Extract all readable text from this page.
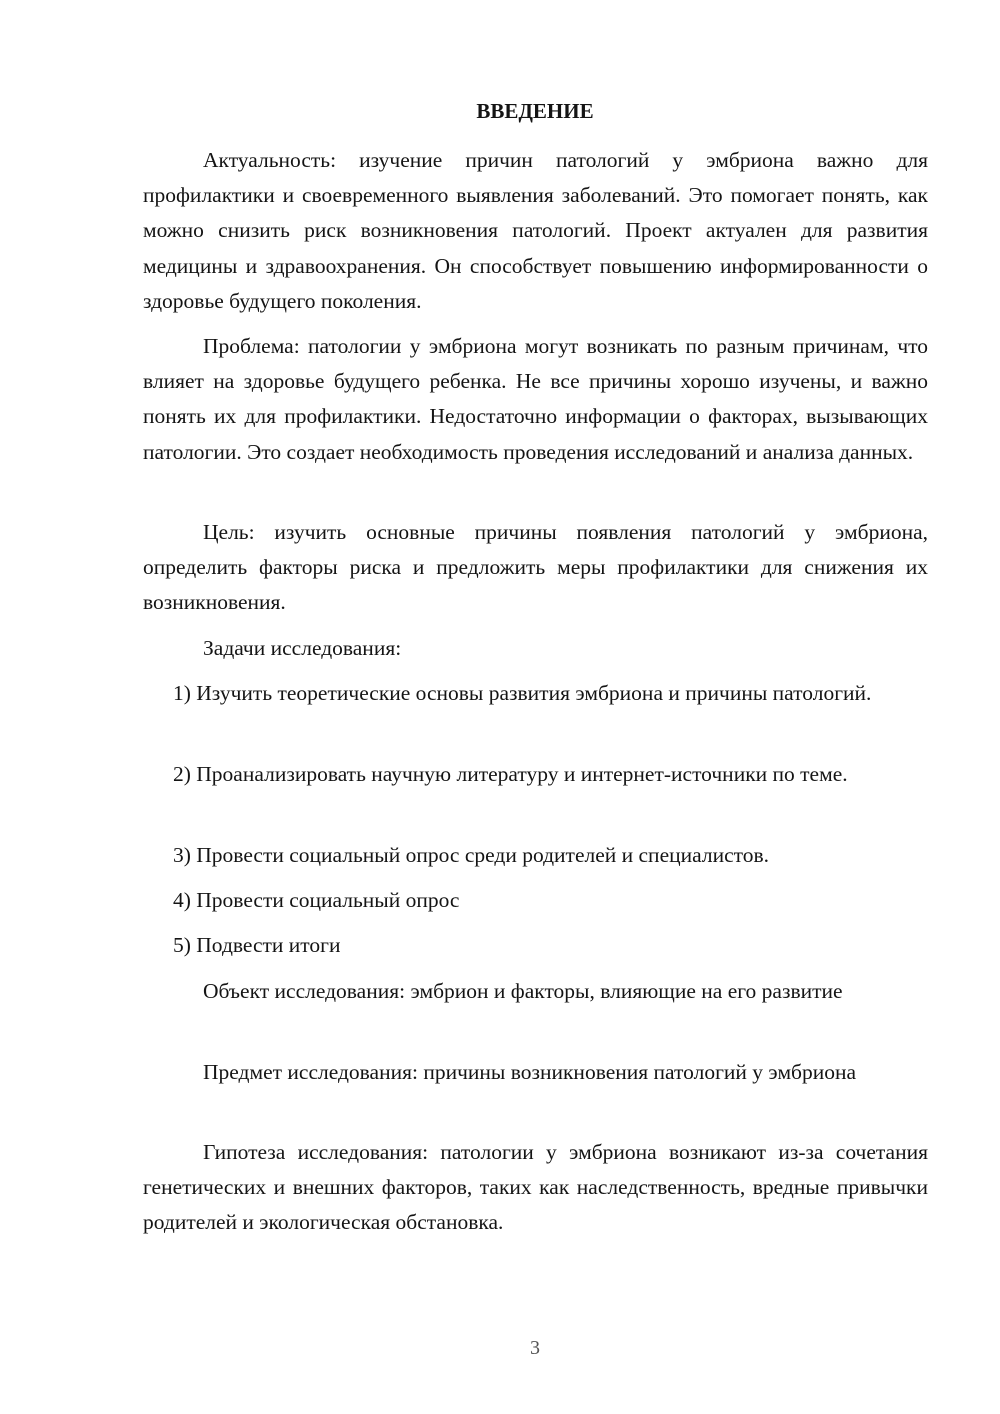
ВВЕДЕНИЕ

Актуальность: изучение причин патологий у эмбриона важно для профилактики и своевременного выявления заболеваний. Это помогает понять, как можно снизить риск возникновения патологий. Проект актуален для развития медицины и здравоохранения. Он способствует повышению информированности о здоровье будущего поколения.

Проблема: патологии у эмбриона могут возникать по разным причинам, что влияет на здоровье будущего ребенка. Не все причины хорошо изучены, и важно понять их для профилактики. Недостаточно информации о факторах, вызывающих патологии. Это создает необходимость проведения исследований и анализа данных.

Цель: изучить основные причины появления патологий у эмбриона, определить факторы риска и предложить меры профилактики для снижения их возникновения.

Задачи исследования:

1) Изучить теоретические основы развития эмбриона и причины патологий.

2) Проанализировать научную литературу и интернет-источники по теме.

3) Провести социальный опрос среди родителей и специалистов.

4) Провести социальный опрос

5) Подвести итоги

Объект исследования: эмбрион и факторы, влияющие на его развитие

Предмет исследования: причины возникновения патологий у эмбриона

Гипотеза исследования: патологии у эмбриона возникают из-за сочетания генетических и внешних факторов, таких как наследственность, вредные привычки родителей и экологическая обстановка.

3
